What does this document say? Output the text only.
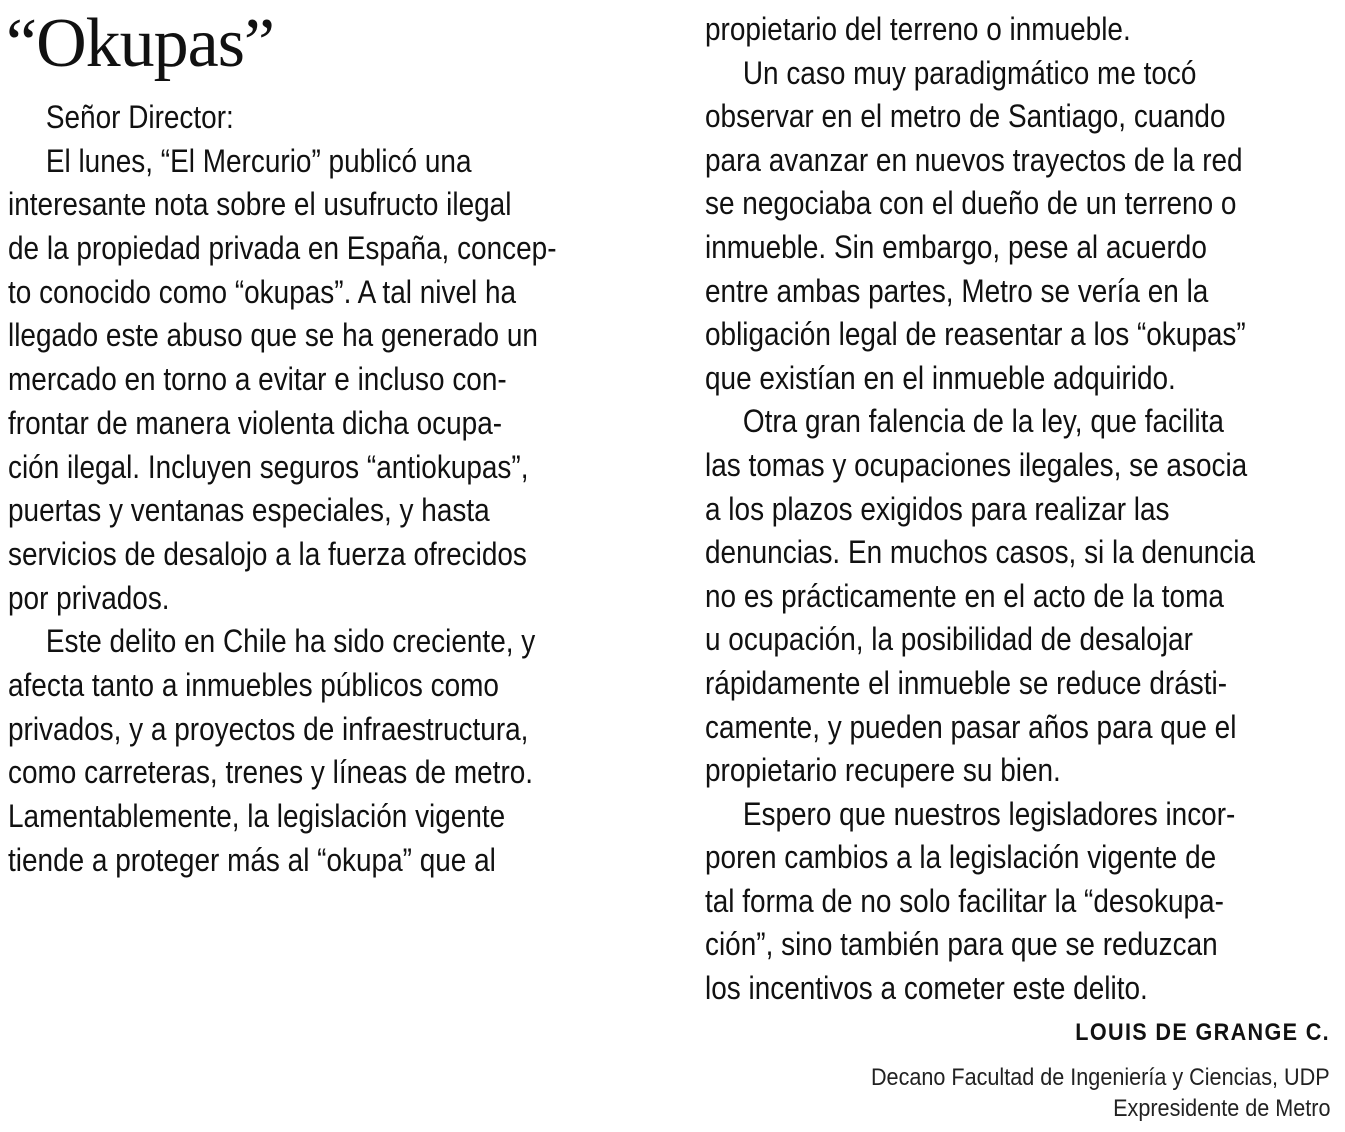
“Okupas”
Señor Director:
El lunes, “El Mercurio” publicó una
interesante nota sobre el usufructo ilegal
de la propiedad privada en España, concep-
to conocido como “okupas”. A tal nivel ha
llegado este abuso que se ha generado un
mercado en torno a evitar e incluso con-
frontar de manera violenta dicha ocupa-
ción ilegal. Incluyen seguros “antiokupas”,
puertas y ventanas especiales, y hasta
servicios de desalojo a la fuerza ofrecidos
por privados.
Este delito en Chile ha sido creciente, y
afecta tanto a inmuebles públicos como
privados, y a proyectos de infraestructura,
como carreteras, trenes y líneas de metro.
Lamentablemente, la legislación vigente
tiende a proteger más al “okupa” que al
propietario del terreno o inmueble.
Un caso muy paradigmático me tocó
observar en el metro de Santiago, cuando
para avanzar en nuevos trayectos de la red
se negociaba con el dueño de un terreno o
inmueble. Sin embargo, pese al acuerdo
entre ambas partes, Metro se vería en la
obligación legal de reasentar a los “okupas”
que existían en el inmueble adquirido.
Otra gran falencia de la ley, que facilita
las tomas y ocupaciones ilegales, se asocia
a los plazos exigidos para realizar las
denuncias. En muchos casos, si la denuncia
no es prácticamente en el acto de la toma
u ocupación, la posibilidad de desalojar
rápidamente el inmueble se reduce drásti-
camente, y pueden pasar años para que el
propietario recupere su bien.
Espero que nuestros legisladores incor-
poren cambios a la legislación vigente de
tal forma de no solo facilitar la “desokupa-
ción”, sino también para que se reduzcan
los incentivos a cometer este delito.
LOUIS DE GRANGE C.
Decano Facultad de Ingeniería y Ciencias, UDP
Expresidente de Metro
